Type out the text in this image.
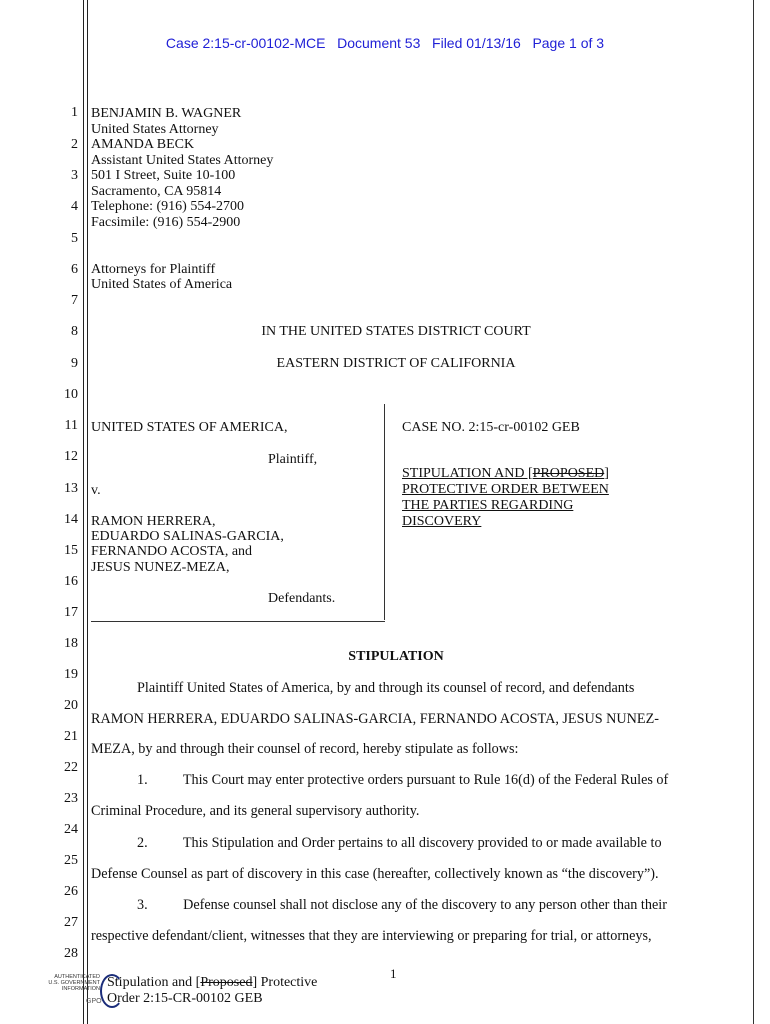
Case 2:15-cr-00102-MCE   Document 53   Filed 01/13/16   Page 1 of 3
1
2
3
4
5
6
7
8
9
10
11
12
13
14
15
16
17
18
19
20
21
22
23
24
25
26
27
28
BENJAMIN B. WAGNER
United States Attorney
AMANDA BECK
Assistant United States Attorney
501 I Street, Suite 10-100
Sacramento, CA 95814
Telephone: (916) 554-2700
Facsimile: (916) 554-2900
Attorneys for Plaintiff
United States of America
IN THE UNITED STATES DISTRICT COURT
EASTERN DISTRICT OF CALIFORNIA
UNITED STATES OF AMERICA,
Plaintiff,
v.
RAMON HERRERA,
EDUARDO SALINAS-GARCIA,
FERNANDO ACOSTA, and
JESUS NUNEZ-MEZA,
Defendants.
CASE NO. 2:15-cr-00102 GEB
STIPULATION AND [PROPOSED]
PROTECTIVE ORDER BETWEEN
THE PARTIES REGARDING
DISCOVERY
STIPULATION
Plaintiff United States of America, by and through its counsel of record, and defendants
RAMON HERRERA, EDUARDO SALINAS-GARCIA, FERNANDO ACOSTA, JESUS NUNEZ-
MEZA, by and through their counsel of record, hereby stipulate as follows:
1.          This Court may enter protective orders pursuant to Rule 16(d) of the Federal Rules of
Criminal Procedure, and its general supervisory authority.
2.          This Stipulation and Order pertains to all discovery provided to or made available to
Defense Counsel as part of discovery in this case (hereafter, collectively known as “the discovery”).
3.          Defense counsel shall not disclose any of the discovery to any person other than their
respective defendant/client, witnesses that they are interviewing or preparing for trial, or attorneys,
1
Stipulation and [Proposed] Protective
Order 2:15-CR-00102 GEB
AUTHENTICATED
U.S. GOVERNMENT
INFORMATION
GPO
